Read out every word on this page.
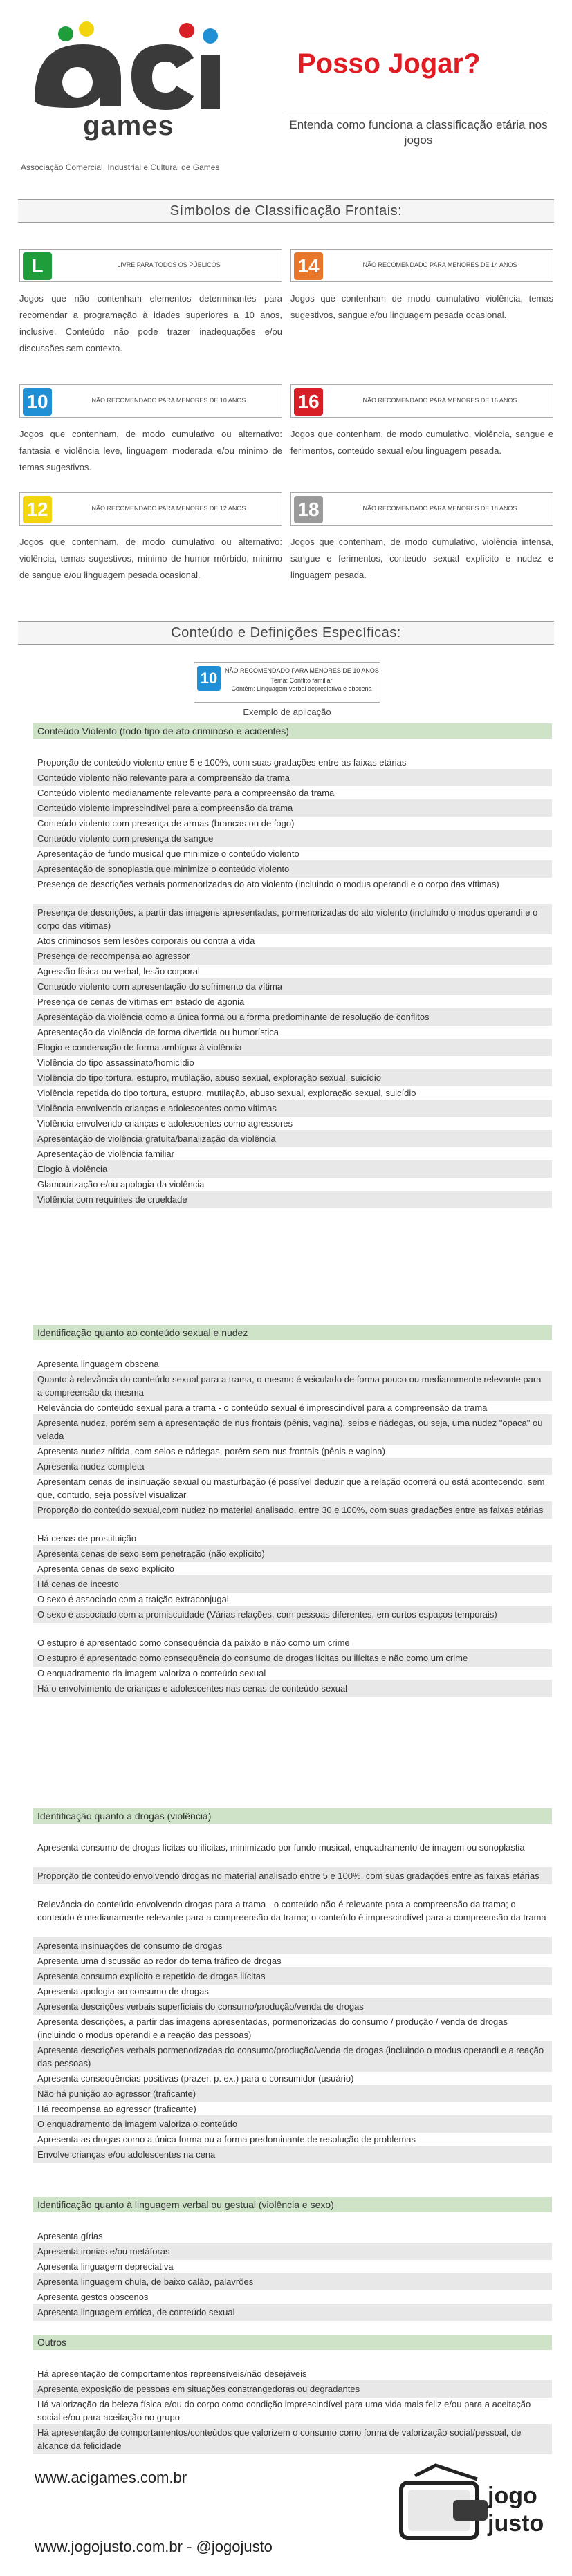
games
Associação Comercial, Industrial e Cultural de Games
Posso Jogar?
Entenda como funciona a classificação etária nos jogos
Símbolos de Classificação Frontais:
L	LIVRE PARA TODOS OS PÚBLICOS
Jogos que não contenham elementos determinantes para recomendar a programação à idades superiores a 10 anos, inclusive. Conteúdo não pode trazer inadequações e/ou discussões sem contexto.
14	NÃO RECOMENDADO PARA MENORES DE 14 ANOS
Jogos que contenham de modo cumulativo violência, temas sugestivos, sangue e/ou linguagem pesada ocasional.
10	NÃO RECOMENDADO PARA MENORES DE 10 ANOS
Jogos que contenham, de modo cumulativo ou alternativo: fantasia e violência leve, linguagem moderada e/ou mínimo de temas sugestivos.
16	NÃO RECOMENDADO PARA MENORES DE 16 ANOS
Jogos que contenham, de modo cumulativo, violência, sangue e ferimentos, conteúdo sexual e/ou linguagem pesada.
12	NÃO RECOMENDADO PARA MENORES DE 12 ANOS
Jogos que contenham, de modo cumulativo ou alternativo: violência, temas sugestivos, mínimo de humor mórbido, mínimo de sangue e/ou linguagem pesada ocasional.
18	NÃO RECOMENDADO PARA MENORES DE 18 ANOS
Jogos que contenham, de modo cumulativo, violência intensa, sangue e ferimentos, conteúdo sexual explícito e nudez e linguagem pesada.
Conteúdo e Definições Específicas:
10	NÃO RECOMENDADO PARA MENORES DE 10 ANOS
Tema: Conflito familiar
Contém: Linguagem verbal depreciativa e obscena
Exemplo de aplicação
Conteúdo Violento (todo tipo de ato criminoso e acidentes)
Proporção de conteúdo violento entre 5 e 100%, com suas gradações entre as faixas etárias
Conteúdo violento não relevante para a compreensão da trama
Conteúdo violento medianamente relevante para a compreensão da trama
Conteúdo violento imprescindível para a compreensão da trama
Conteúdo violento com presença de armas (brancas ou de fogo)
Conteúdo violento com presença de sangue
Apresentação de fundo musical que minimize o conteúdo violento
Apresentação de sonoplastia que minimize o conteúdo violento
Presença de descrições verbais pormenorizadas do ato violento (incluindo o modus operandi e o corpo das vítimas)
Presença de descrições, a partir das imagens apresentadas, pormenorizadas do ato violento (incluindo o modus operandi e o corpo das vítimas)
Atos criminosos sem lesões corporais ou contra a vida
Presença de recompensa ao agressor
Agressão física ou verbal, lesão corporal
Conteúdo violento com apresentação do sofrimento da vítima
Presença de cenas de vítimas em estado de agonia
Apresentação da violência como a única forma ou a forma predominante de resolução de conflitos
Apresentação da violência de forma divertida ou humorística
Elogio e condenação de forma ambígua à violência
Violência do tipo assassinato/homicídio
Violência do tipo tortura, estupro, mutilação, abuso sexual, exploração sexual, suicídio
Violência repetida do tipo tortura, estupro, mutilação, abuso sexual, exploração sexual, suicídio
Violência envolvendo crianças e adolescentes como vítimas
Violência envolvendo crianças e adolescentes como agressores
Apresentação de violência gratuita/banalização da violência
Apresentação de violência familiar
Elogio à violência
Glamourização e/ou apologia da violência
Violência com requintes de crueldade
Identificação quanto ao conteúdo sexual e nudez
Apresenta linguagem obscena
Quanto à relevância do conteúdo sexual para a trama, o mesmo é veiculado de forma pouco ou medianamente relevante para a compreensão da mesma
Relevância do conteúdo sexual para a trama - o conteúdo sexual é imprescindível para a compreensão da trama
Apresenta nudez, porém sem a apresentação de nus frontais (pênis, vagina), seios e nádegas, ou seja, uma nudez "opaca" ou velada
Apresenta nudez nítida, com seios e nádegas, porém sem nus frontais (pênis e vagina)
Apresenta nudez completa
Apresentam cenas de insinuação sexual ou masturbação (é possível deduzir que a relação ocorrerá ou está acontecendo, sem que, contudo, seja possível visualizar
Proporção do conteúdo sexual,com nudez no material analisado, entre 30 e 100%, com suas gradações entre as faixas etárias
Há cenas de prostituição
Apresenta cenas de sexo sem penetração (não explícito)
Apresenta cenas de sexo explícito
Há cenas de incesto
O sexo é associado com a traição extraconjugal
O sexo é associado com a promiscuidade (Várias relações, com pessoas diferentes, em curtos espaços temporais)
O estupro é apresentado como consequência da paixão e não como um crime
O estupro é apresentado como consequência do consumo de drogas lícitas ou ilícitas e não como um crime
O enquadramento da imagem valoriza o conteúdo sexual
Há o envolvimento de crianças e adolescentes nas cenas de conteúdo sexual
Identificação quanto a drogas (violência)
Apresenta consumo de drogas lícitas ou ilícitas, minimizado por fundo musical, enquadramento de imagem ou sonoplastia
Proporção de conteúdo envolvendo drogas no material analisado entre 5 e 100%, com suas gradações entre as faixas etárias
Relevância do conteúdo envolvendo drogas para a trama - o conteúdo não é relevante para a compreensão da trama; o conteúdo é medianamente relevante para a compreensão da trama; o conteúdo é imprescindível para a compreensão da trama
Apresenta insinuações de consumo de drogas
Apresenta uma discussão ao redor do tema tráfico de drogas
Apresenta consumo explícito e repetido de drogas ilícitas
Apresenta apologia ao consumo de drogas
Apresenta descrições verbais superficiais do consumo/produção/venda de drogas
Apresenta descrições, a partir das imagens apresentadas, pormenorizadas do consumo / produção / venda de drogas (incluindo o modus operandi e a reação das pessoas)
Apresenta descrições verbais pormenorizadas do consumo/produção/venda de drogas (incluindo o modus operandi e a reação das pessoas)
Apresenta consequências positivas (prazer, p. ex.) para o consumidor (usuário)
Não há punição ao agressor (traficante)
Há recompensa ao agressor (traficante)
O enquadramento da imagem valoriza o conteúdo
Apresenta as drogas como a única forma ou a forma predominante de resolução de problemas
Envolve crianças e/ou adolescentes na cena
Identificação quanto à linguagem verbal ou gestual (violência e sexo)
Apresenta gírias
Apresenta ironias e/ou metáforas
Apresenta linguagem depreciativa
Apresenta linguagem chula, de baixo calão, palavrões
Apresenta gestos obscenos
Apresenta linguagem erótica, de conteúdo sexual
Outros
Há apresentação de comportamentos repreensíveis/não desejáveis
Apresenta exposição de pessoas em situações constrangedoras ou degradantes
Há valorização da beleza física e/ou do corpo como condição imprescindível para uma vida mais feliz e/ou para a aceitação social e/ou para aceitação no grupo
Há apresentação de comportamentos/conteúdos que valorizem o consumo como forma de valorização social/pessoal, de alcance da felicidade
www.acigames.com.br
www.jogojusto.com.br - @jogojusto
jogo
justo
